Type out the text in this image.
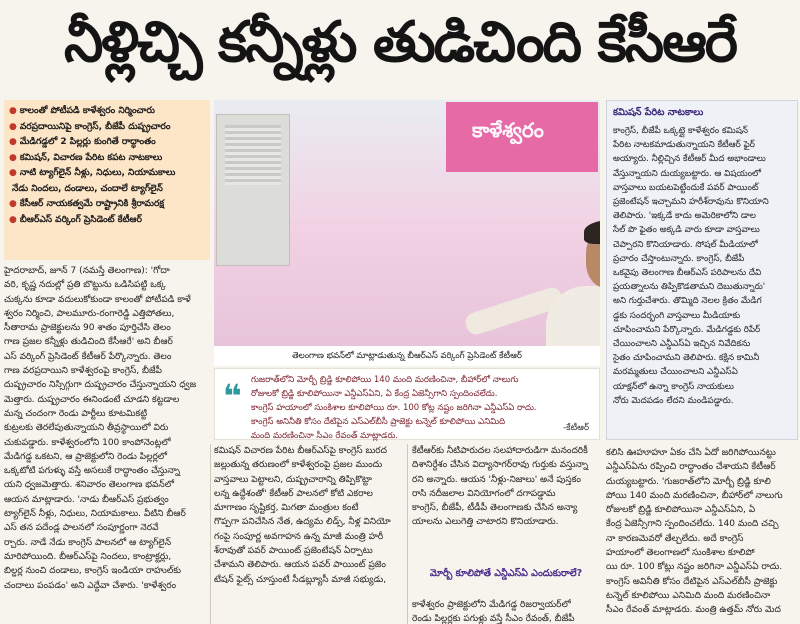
నీళ్లిచ్చి కన్నీళ్లు తుడిచింది కేసీఆరే
● కాలంతో పోటీపడి కాళేశ్వరం నిర్మించారు
● వరప్రదాయినిపై కాంగ్రెస్, బీజేపీ దుష్ప్రచారం
● మేడిగడ్డలో 2 పిల్లర్లు కుంగితే రాద్ధాంతం
● కమిషన్, విచారణ పేరిట కపట నాటకాలు
● నాటి ట్యాగ్‌లైన్ నీళ్లు, నిధులు, నియామకాలు
నేడు నిందలు, దండాలు, చందాలే ట్యాగ్‌లైన్
● కేసీఆర్ నాయకత్వమే రాష్ట్రానికి శ్రీరామరక్ష
● బీఆర్‌ఎస్ వర్కింగ్ ప్రెసిడెంట్ కేటీఆర్
కాళేశ్వరం
తెలంగాణ భవన్‌లో మాట్లాడుతున్న బీఆర్‌ఎస్ వర్కింగ్ ప్రెసిడెంట్ కేటీఆర్
❝ గుజరాత్‌లోని మోర్బీ బ్రిడ్జి కూలిపోయి 140 మంది మరణించినా, బీహార్‌లో నాలుగు
రోజులకో బ్రిడ్జి కూలిపోయినా ఎన్డీఎస్‌ఏని, ఏ కేంద్ర ఏజెన్సీగాని స్పందించలేదు.
కాంగ్రెస్ హయాంలో సుంకిశాల కూలిపోయి రూ. 100 కోట్ల నష్టం జరిగినా ఎన్డీఎస్‌ఏ రాదు.
కాంగ్రెస్ అనినీతి కోసం దేటిపైన ఎస్ఎల్‌బీసీ ప్రాజెక్టు టన్నెల్ కూలిపోయి ఎనిమిది
మంది మరణించినా సీఎం రేవంత్ మాట్లాడరు.
-కేటీఆర్

హైదరాబాద్, జూన్ 7 (నమస్తే తెలంగాణ): 'గోదా

వరి, కృష్ణ నదుల్లో ప్రతి బొట్టును ఒడిసిపట్టి ఒక్క

చుక్కను కూడా వదులుకోకుండా కాలంతో పోటీపడి కాళే

శ్వరం నిర్మించి, పాలమూరు-రంగారెడ్డి ఎత్తిపోతలు,

సీతారామ ప్రాజెక్టులను 90 శాతం పూర్తిచేసి తెలం

గాణ ప్రజల కన్నీళ్లు తుడిచింది కేసీఆరే' అని బీఆర్

ఎస్ వర్కింగ్ ప్రెసిడెంట్ కేటీఆర్ పేర్కొన్నారు. తెలం

గాణ వరప్రదాయిని కాళేశ్వరంపై కాంగ్రెస్, బీజేపీ

దుష్ప్రచారం నిస్సిగ్గుగా దుష్ప్రచారం చేస్తున్నాయని ధ్వజ

మెత్తారు. దుష్ప్రచారం ఈనిండంటే చూడని కట్టడాల

మన్న చందంగా రెండు పార్టీలు కూటమికట్టి

కుట్రలకు తెరలేపుతున్నాయని తీవ్రస్థాయిలో విరు

చుకుపడ్డారు. కాళేశ్వరంలోని 100 కాంపోనెంట్లలో

మేడిగడ్డ ఒకటని, ఆ ప్రాజెక్టులోని రెండు పిల్లర్లలో

ఒక్కటోటి పగుళ్ళు వస్తే అసలుకే రాద్ధాంతం చేస్తున్నా

యని ధ్వజమెత్తారు. శనివారం తెలంగాణ భవన్‌లో

ఆయన మాట్లాడారు. 'నాడు బీఆర్‌ఎస్ ప్రభుత్వం

ట్యాగ్‌లైన్ నీళ్లు, నిధులు, నియామకాలు. వీటిని బీఆర్

ఎస్ తన పదేండ్ల పాలనలో సంపూర్ణంగా నెరవే

ర్చారు. నాడే నేడు కాంగ్రెస్ పాలనలో ఆ ట్యాగ్‌లైన్

మారిపోయింది. బీఆర్‌ఎస్‌పై నిందలు, కాంట్రాక్టర్లు,

బిల్డర్ల నుంచి దండాలు, కాంగ్రెస్ ఇండియా రాహుల్‌కు

చందాలు పంపడం' అని ఎద్దేవా చేశారు. 'కాళేశ్వరం

కమిషన్ విచారణ పేరిట బీఆర్‌ఎస్‌పై కాంగ్రెస్ బురద

జల్లుతున్న తరుణంలో కాళేశ్వరంపై ప్రజల ముందు

వాస్తవాలు పెట్టాలని, దుష్ప్రచారాన్ని తిప్పికొట్టా

లన్న ఉద్దేశంతో' కేటీఆర్ పాలనలో కోటి ఎకరాల

మాగాణం సృష్టికర్త, మిగతా మంత్రుల కంటే

గొప్పగా పనిచేసిన నేత, ఉద్యమ లిడ్స్, నీళ్ల వినియో

గంపై సంపూర్ణ అవగాహన ఉన్న మాజీ మంత్రి హరీ

శ్‌రావుతో పవర్ పాయింట్ ప్రజెంటేషన్ ఏర్పాటు

చేశామని తెలిపారు. ఆయన పవర్ పాయింట్ ప్రజెం

టేషన్ ఫైట్స్ చూస్తుంటే సీడబ్ల్యూసీ మాజీ సభ్యుడు,

కేటీఆర్‌కు నీటిపారుదల సలహాదారుడిగా మనందరికీ

దిశానిర్దేశం చేసిన విద్యాసాగర్‌రావు గుర్తుకు వస్తున్నా

రని అన్నారు. ఆయన 'నీళ్లు-నిజాలు' అనే పుస్తకం

రాసి నదీజలాల వినియోగంలో దగాపడ్డామ

కాంగ్రెస్, బీజేపీ, టీడీపీ తెలంగాణకు చేసిన అన్యా

యాలను ఎలుగెత్తి చాటారని కొనియాడారు.

మోర్బీ కూలిపోతే ఎన్డీఎస్‌ఏ ఎందుకురాలే?

కాళేశ్వరం ప్రాజెక్టులోని మేడిగడ్డ రిజర్వాయర్‌లో

రెండు పిల్లర్లకు పగుళ్లు వస్తే సీఎం రేవంత్, బీజేపీ

కమిషన్ పేరిట నాటకాలు

కాంగ్రెస్, బీజేపీ ఒక్కట్లై కాళేశ్వరం కమిషన్

పేరిట నాటకమాడుతున్నాయని కేటీఆర్ ఫైర్

అయ్యారు. నీల్లిచ్చిన కేటీఆర్ మీద అభాండాలు

వేస్తున్నాయని దుయ్యబట్టారు. ఆ విషయంలో

వాస్తవాలు బయటపెట్టేందుకే పవర్ పాయింట్

ప్రజెంటేషన్ ఇచ్చామని హరీశ్‌రావును కొనియాని

తెలిపారు. 'ఇక్కడే కాదు అమెరికాలోని డాల

సేల్ పొ ఫైతం అక్కడి వారు కూడా వాస్తవాలు

చెప్పారని కొనియాడారు. సోషల్ మీడియాలో

ప్రచారం చేస్తాంటున్నారు. కాంగ్రెస్, బీజేపీ

ఒకవైపు తెలంగాణ బీఆర్‌ఎస్ పరిపాలను దేవి

ప్రయత్నాలను తిప్పికొడతామని దెబుతున్నారు'

అని గుర్తుచేశారు. తొమ్మిది నెలల క్రితం మేడిగ

డ్డకు సందర్భంగి వాస్తవాలు మీడియాకు

చూపించామని పేర్కొన్నారు. మేడిగడ్డకు రిపేర్

చేయించాలని ఎన్డీఎస్‌ఏ ఇచ్చిన నివేదికను

సైతం చూపించామని తెలిపారు. కక్షిన కామినీ

మరమ్మతులు చేయించాలని ఎన్డీఎస్‌ఏ

యాక్షన్‌లో ఉన్నా కాంగ్రెస్ నాయకులు

నోరు మెదపడం లేదని మండిపడ్డారు.

కలిసి ఊహూహూ ఏకం చేసి ఏదో జరిగిపోయినట్టు

ఎన్డీఎస్‌ఏను రప్పించి రాద్ధాంతం చేశాయని కేటీఆర్

దుయ్యబట్టారు. 'గుజరాత్‌లోని మోర్బీ బ్రిడ్జి కూలి

పోయి 140 మంది మరణించినా, బీహార్‌లో నాలుగు

రోజులకో బ్రిడ్జి కూలిపోయినా ఎన్డీఎస్‌ఏని, ఏ

కేంద్ర ఏజెన్సీగాని స్పందించలేదు. 140 మంది చచ్చి

నా కారణమెవరో తేల్చలేదు. అదే కాంగ్రెస్

హయాంలో తెలంగాణలో సుంకిశాల కూలిపో

యి రూ. 100 కోట్లు నష్టం జరిగినా ఎన్డీఎస్‌ఏ రాదు.

కాంగ్రెస్ అవినీతి కోసం దేటిపైన ఎస్ఎల్‌బీసీ ప్రాజెక్టు

టన్నెల్ కూలిపోయి ఎనిమిది మంది మరణించినా

సీఎం రేవంత్ మాట్లాడరు. మంత్రి ఉత్తమ్ నోరు మెద
